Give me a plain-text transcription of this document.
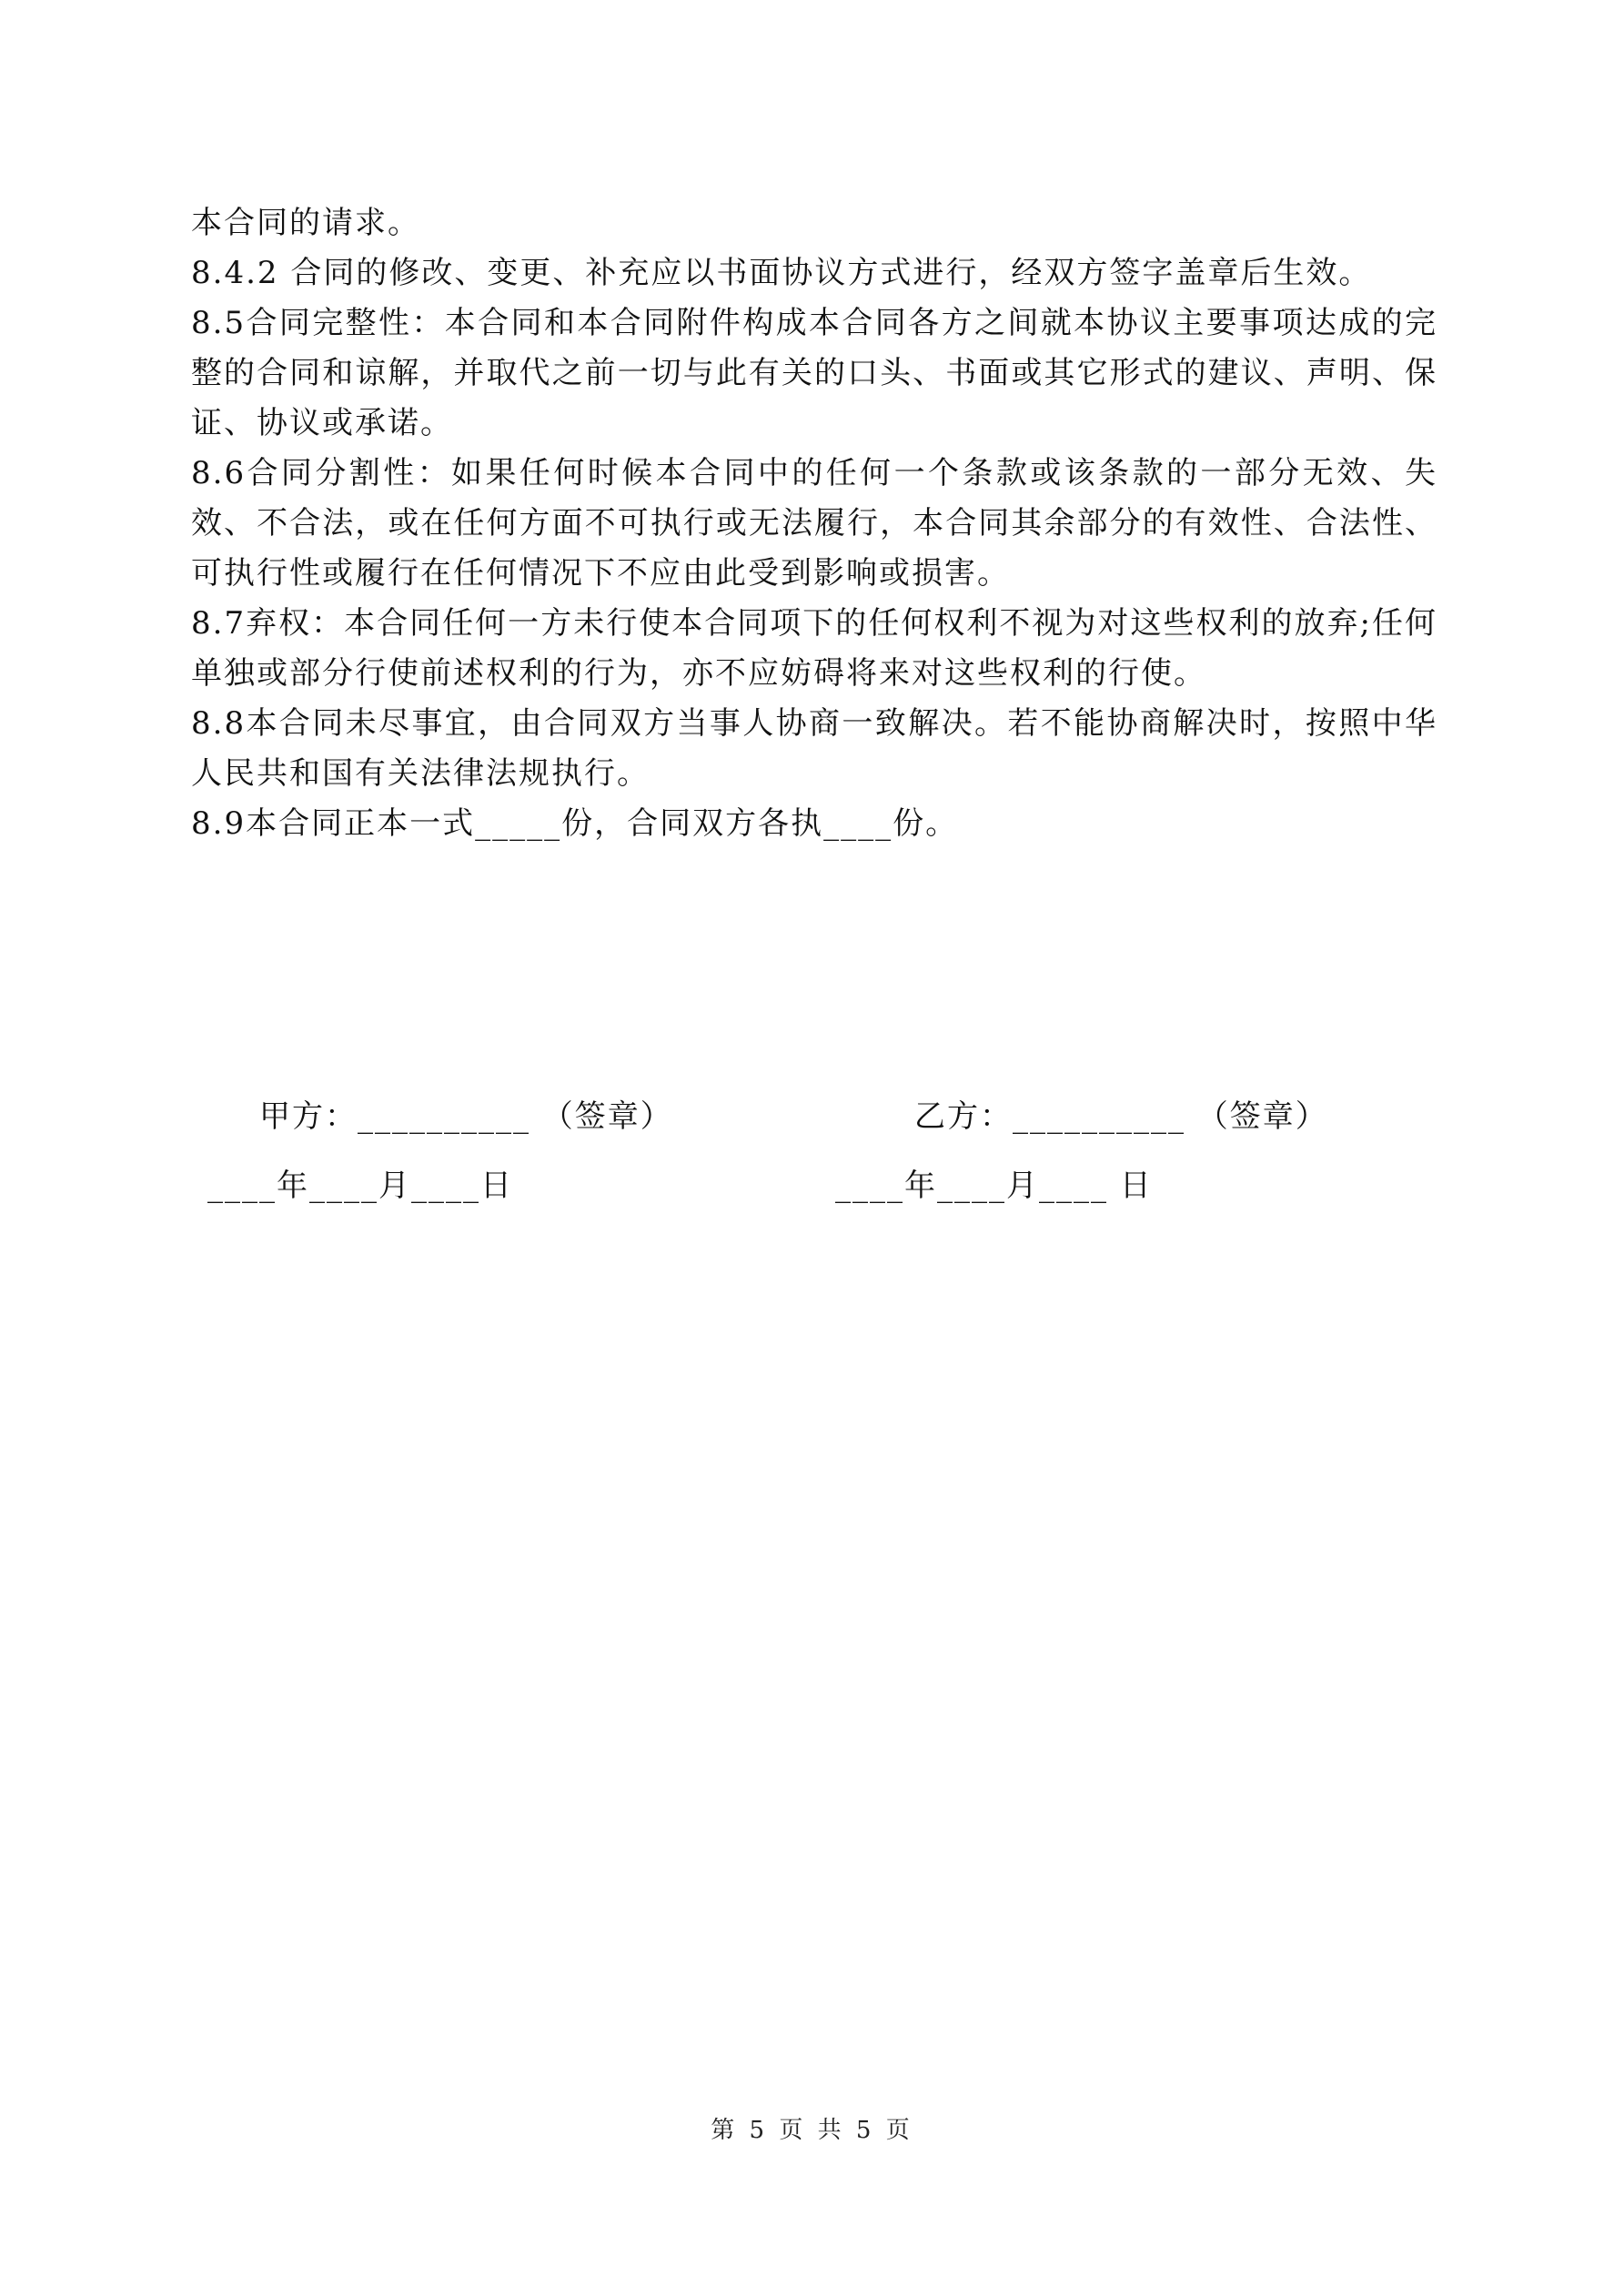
本合同的请求。

8.4.2 合同的修改、变更、补充应以书面协议方式进行，经双方签字盖章后生效。

8.5合同完整性：本合同和本合同附件构成本合同各方之间就本协议主要事项达成的完整的合同和谅解，并取代之前一切与此有关的口头、书面或其它形式的建议、声明、保证、协议或承诺。

8.6合同分割性：如果任何时候本合同中的任何一个条款或该条款的一部分无效、失效、不合法，或在任何方面不可执行或无法履行，本合同其余部分的有效性、合法性、可执行性或履行在任何情况下不应由此受到影响或损害。

8.7弃权：本合同任何一方未行使本合同项下的任何权利不视为对这些权利的放弃;任何单独或部分行使前述权利的行为，亦不应妨碍将来对这些权利的行使。

8.8本合同未尽事宜，由合同双方当事人协商一致解决。若不能协商解决时，按照中华人民共和国有关法律法规执行。

8.9本合同正本一式_____份，合同双方各执____份。

甲方：__________ （签章）
____年____月____日
乙方：__________ （签章）
____年____月____ 日
第 5 页 共 5 页
